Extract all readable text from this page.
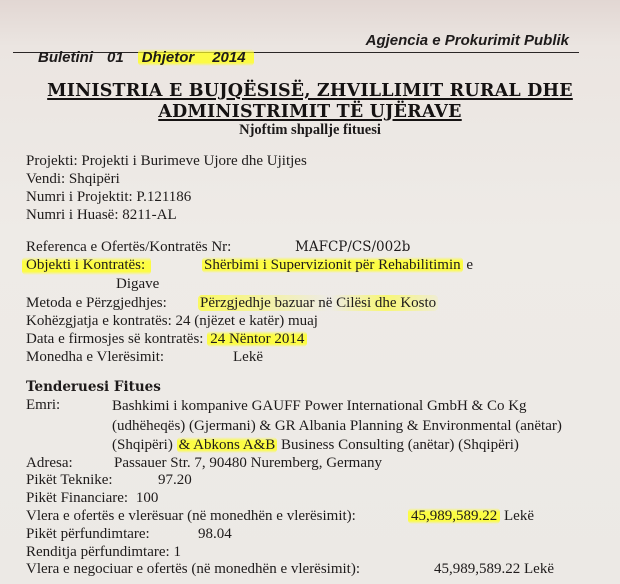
Buletini 01 Dhjetor 2014

Agjencia e Prokurimit Publik
MINISTRIA E BUJQËSISË, ZHVILLIMIT RURAL DHE
ADMINISTRIMIT TË UJËRAVE
Njoftim shpallje fituesi
Projekti: Projekti i Burimeve Ujore dhe Ujitjes
Vendi: Shqipëri
Numri i Projektit: P.121186
Numri i Huasë: 8211-AL
Referenca e Ofertës/Kontratës Nr:	MAFCP/CS/002b
Objekti i Kontratës:	Shërbimi i Supervizionit për Rehabilitimin e
Digave
Metoda e Përzgjedhjes: Përzgjedhje bazuar në Cilësi dhe Kosto
Kohëzgjatja e kontratës: 24 (njëzet e katër) muaj
Data e firmosjes së kontratës: 24 Nëntor 2014
Monedha e Vlerësimit:	Lekë
Tenderuesi Fitues
Emri:	Bashkimi i kompanive GAUFF Power International GmbH & Co Kg (udhëheqës) (Gjermani) & GR Albania Planning & Environmental (anëtar) (Shqipëri) & Abkons A&B Business Consulting (anëtar) (Shqipëri)
Adresa:	Passauer Str. 7, 90480 Nuremberg, Germany
Pikët Teknike:	97.20
Pikët Financiare: 100
Vlera e ofertës e vlerësuar (në monedhën e vlerësimit):	45,989,589.22 Lekë
Pikët përfundimtare:	98.04
Renditja përfundimtare: 1
Vlera e negociuar e ofertës (në monedhën e vlerësimit):	45,989,589.22 Lekë
